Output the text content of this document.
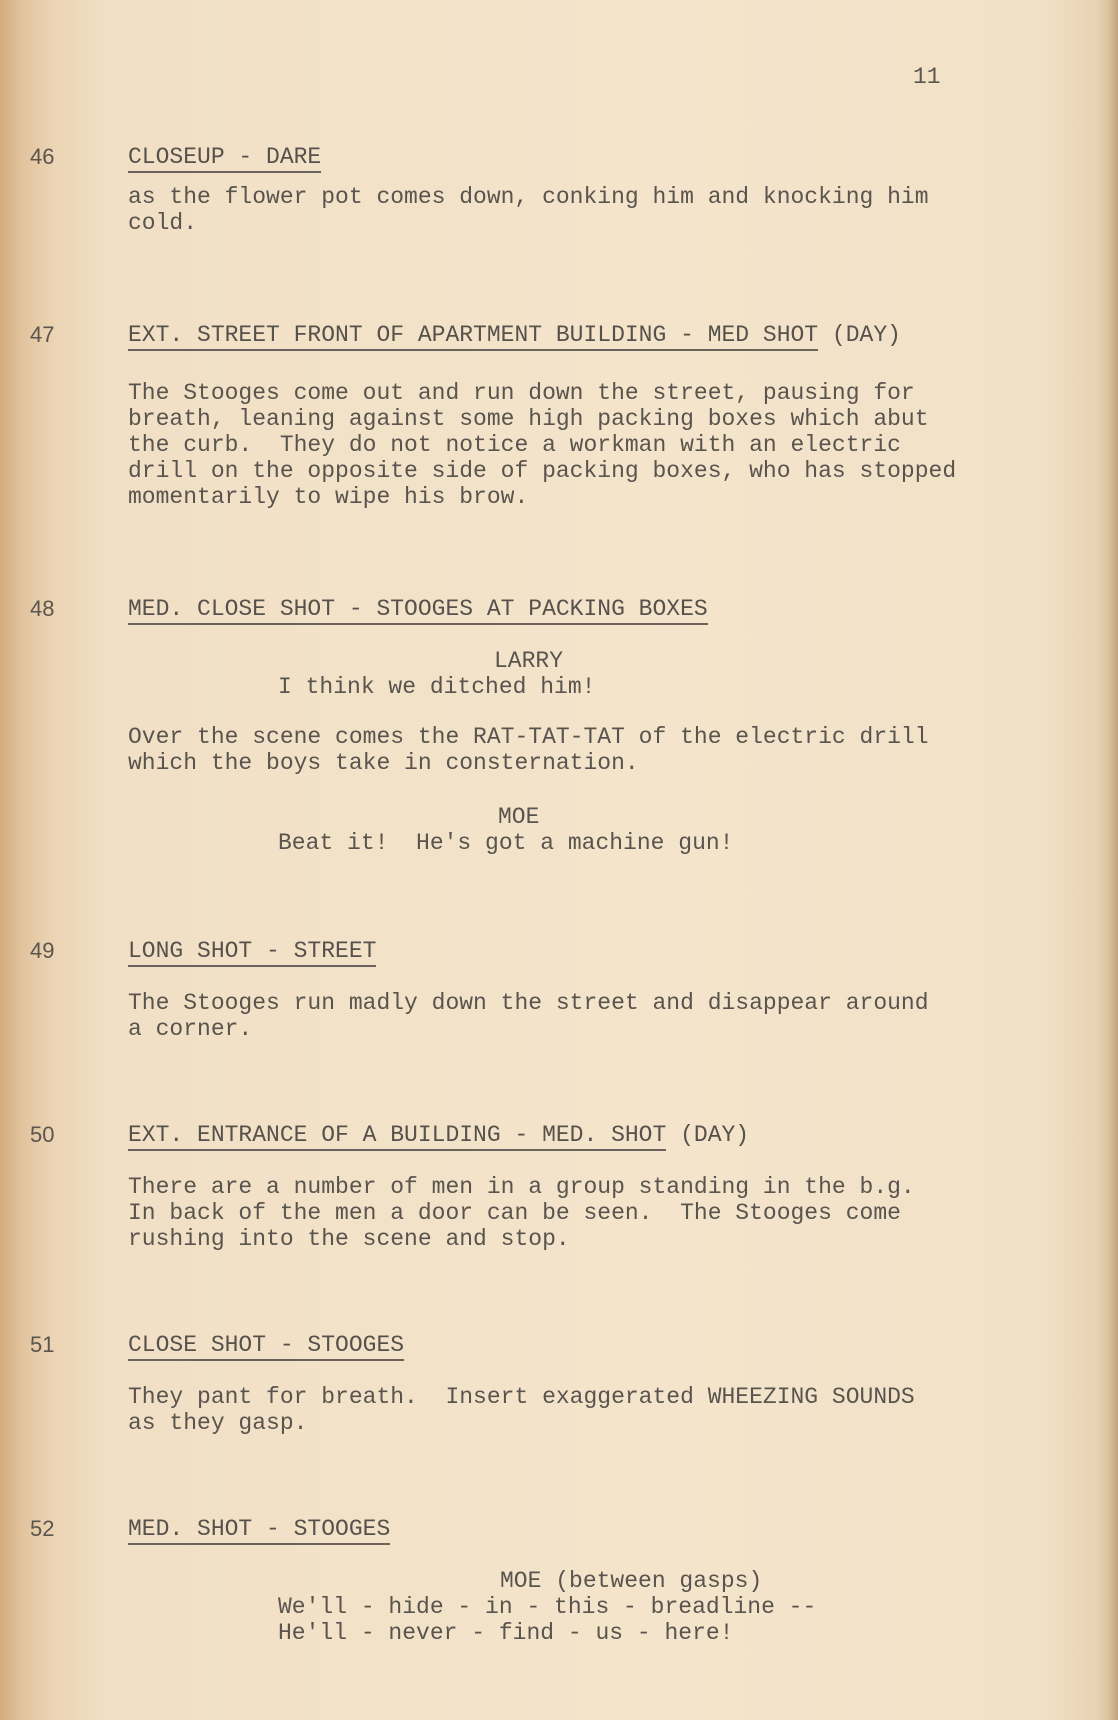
11
46	CLOSEUP - DARE
as the flower pot comes down, conking him and knocking him
cold.
47	EXT. STREET FRONT OF APARTMENT BUILDING - MED SHOT (DAY)
The Stooges come out and run down the street, pausing for
breath, leaning against some high packing boxes which abut
the curb.  They do not notice a workman with an electric
drill on the opposite side of packing boxes, who has stopped
momentarily to wipe his brow.
48	MED. CLOSE SHOT - STOOGES AT PACKING BOXES
LARRY
I think we ditched him!
Over the scene comes the RAT-TAT-TAT of the electric drill
which the boys take in consternation.
MOE
Beat it!  He's got a machine gun!
49	LONG SHOT - STREET
The Stooges run madly down the street and disappear around
a corner.
50	EXT. ENTRANCE OF A BUILDING - MED. SHOT (DAY)
There are a number of men in a group standing in the b.g.
In back of the men a door can be seen.  The Stooges come
rushing into the scene and stop.
51	CLOSE SHOT - STOOGES
They pant for breath.  Insert exaggerated WHEEZING SOUNDS
as they gasp.
52	MED. SHOT - STOOGES
MOE (between gasps)
We'll - hide - in - this - breadline --
He'll - never - find - us - here!
